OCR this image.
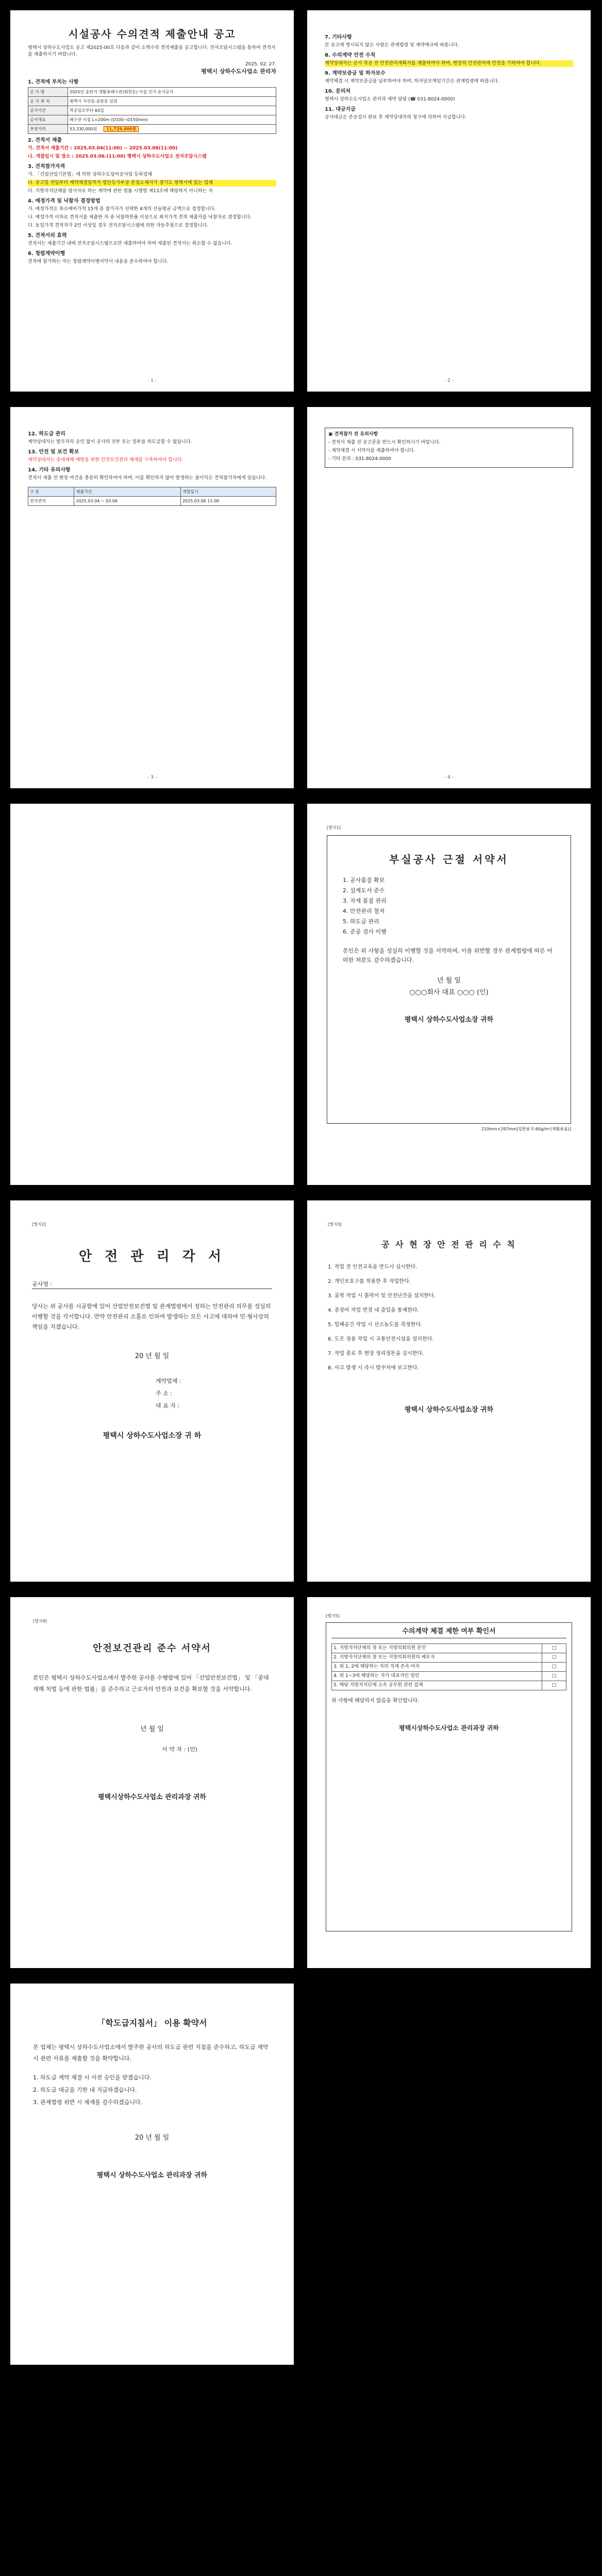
시설공사 수의견적 제출안내 공고

평택시 상하수도사업소 공고 제2025-00호 다음과 같이 소액수의 견적제출을 공고합니다. 전자조달시스템을 통하여 견적서를 제출하시기 바랍니다.

2025. 02. 27.
평택시 상하수도사업소 관리자
1. 견적에 부치는 사항
공 사 명	2025년 송탄지 생활용배수관(퇴한등) 이설 인가 유지공사
공 사 위 치	평택시 지산동·송탄동 일원
공사기간	착공일로부터 60일
공사개요	배수관 이설 L=200m (D100~D150mm)
추정가격	53,330,000원 11,729,000원
2. 견적서 제출

가. 견적서 제출기간 : 2025.03.04(11:00) ~ 2025.03.06(11:00)

나. 개찰일시 및 장소 : 2025.03.06.(11:00) 평택시 상하수도사업소 전자조달시스템

3. 견적참가자격

가. 「건설산업기본법」에 의한 상하수도설비공사업 등록업체

나. 공고일 전일부터 계약체결일까지 법인등기부상 본점소재지가 경기도 평택시에 있는 업체

다. 지방자치단체를 당사자로 하는 계약에 관한 법률 시행령 제13조에 해당하지 아니하는 자

4. 예정가격 및 낙찰자 결정방법

가. 예정가격은 복수예비가격 15개 중 참가자가 선택한 4개의 산술평균 금액으로 결정합니다.

나. 예정가격 이하로 견적서를 제출한 자 중 낙찰하한율 이상으로 최저가격 견적 제출자를 낙찰자로 결정합니다.

다. 동일가격 견적자가 2인 이상일 경우 전자조달시스템에 의한 자동추첨으로 결정합니다.

5. 견적서의 효력

견적서는 제출기간 내에 전자조달시스템으로만 제출하여야 하며 제출된 견적서는 취소할 수 없습니다.

6. 청렴계약이행

견적에 참가하는 자는 청렴계약이행서약서 내용을 준수하여야 합니다.

- 1 -
7. 기타사항

본 공고에 명시되지 않은 사항은 관계법령 및 계약예규에 따릅니다.

8. 수의계약 안전 수칙

계약상대자는 공사 착공 전 안전관리계획서를 제출하여야 하며, 현장의 안전관리에 만전을 기하여야 합니다.

9. 계약보증금 및 하자보수

계약체결 시 계약보증금을 납부하여야 하며, 하자담보책임기간은 관계법령에 따릅니다.

10. 문의처

평택시 상하수도사업소 관리과 계약 담당 (☎ 031-8024-0000)

11. 대금지급

공사대금은 준공검사 완료 후 계약상대자의 청구에 의하여 지급합니다.

- 2 -
12. 하도급 관리

계약상대자는 발주자의 승인 없이 공사의 전부 또는 일부를 하도급할 수 없습니다.

13. 안전 및 보건 확보

계약상대자는 중대재해 예방을 위한 안전보건관리 체계를 구축하여야 합니다.

14. 기타 유의사항

견적서 제출 전 현장 여건을 충분히 확인하여야 하며, 이를 확인하지 않아 발생하는 불이익은 견적참가자에게 있습니다.

구 분	제출기간	개찰일시
전자견적	2025.03.04 ~ 03.06	2025.03.06 11:00
- 3 -

▣ 견적참가 전 유의사항

- 견적서 제출 전 공고문을 반드시 확인하시기 바랍니다.

- 계약체결 시 서약서를 제출하여야 합니다.

- 기타 문의 : 031-8024-0000

- 4 -
[별지1]
부실공사 근절 서약서
1. 공사품질 확보
2. 설계도서 준수
3. 자재 품질 관리
4. 안전관리 철저
5. 하도급 관리
6. 준공 검사 이행

본인은 위 사항을 성실히 이행할 것을 서약하며, 이를 위반할 경우 관계법령에 따른 어떠한 처분도 감수하겠습니다.

년 월 일
○○○회사 대표 ○○○ (인)
평택시 상하수도사업소장 귀하
210mm×297mm[일반용지 60g/m²(재활용품)]
[별지2]
안 전 관 리 각 서
공사명 :

당사는 위 공사를 시공함에 있어 산업안전보건법 및 관계법령에서 정하는 안전관리 의무를 성실히 이행할 것을 각서합니다. 만약 안전관리 소홀로 인하여 발생하는 모든 사고에 대하여 민·형사상의 책임을 지겠습니다.

20 년 월 일
계약업체 :
주 소 :
대 표 자 :
평택시 상하수도사업소장 귀 하
[별지3]
공 사 현 장 안 전 관 리 수 칙
1. 작업 전 안전교육을 반드시 실시한다.
2. 개인보호구를 착용한 후 작업한다.
3. 굴착 작업 시 흙막이 및 안전난간을 설치한다.
4. 중장비 작업 반경 내 출입을 통제한다.
5. 밀폐공간 작업 시 산소농도를 측정한다.
6. 도로 점용 작업 시 교통안전시설을 설치한다.
7. 작업 종료 후 현장 정리정돈을 실시한다.
8. 사고 발생 시 즉시 발주처에 보고한다.
평택시 상하수도사업소장 귀하
[별지4]
안전보건관리 준수 서약서

본인은 평택시 상하수도사업소에서 발주한 공사를 수행함에 있어 「산업안전보건법」 및 「중대재해 처벌 등에 관한 법률」을 준수하고 근로자의 안전과 보건을 확보할 것을 서약합니다.

년 월 일
서 약 자 : (인)
평택시상하수도사업소 관리과장 귀하
[별지5]
수의계약 체결 제한 여부 확인서
1. 지방자치단체의 장 또는 지방의회의원 본인	□
2. 지방자치단체의 장 또는 지방의회의원의 배우자	□
3. 위 1, 2에 해당하는 자의 직계 존속·비속	□
4. 위 1~3에 해당하는 자가 대표자인 법인	□
5. 해당 지방자치단체 소속 공무원 관련 업체	□

위 사항에 해당하지 않음을 확인합니다.

평택시상하수도사업소 관리과장 귀하
「학도급지침서」 이용 확약서

본 업체는 평택시 상하수도사업소에서 발주한 공사의 하도급 관련 지침을 준수하고, 하도급 계약 시 관련 서류를 제출할 것을 확약합니다.

1. 하도급 계약 체결 시 사전 승인을 받겠습니다.
2. 하도급 대금을 기한 내 지급하겠습니다.
3. 관계법령 위반 시 제재를 감수하겠습니다.
20 년 월 일
평택시 상하수도사업소 관리과장 귀하
